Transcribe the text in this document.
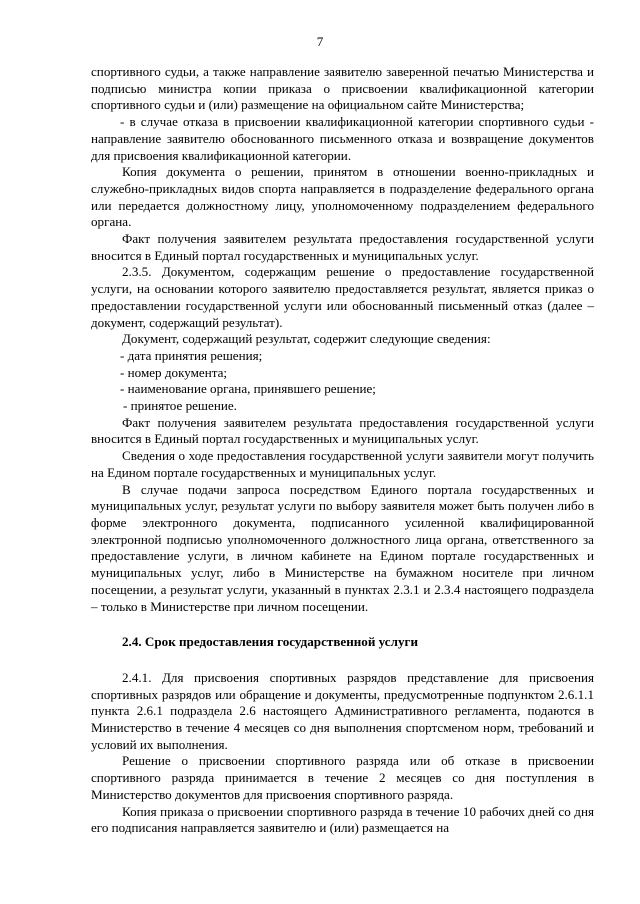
7

спортивного судьи, а также направление заявителю заверенной печатью Министерства и подписью министра копии приказа о присвоении квалификационной категории спортивного судьи и (или) размещение на официальном сайте Министерства;

- в случае отказа в присвоении квалификационной категории спортивного судьи - направление заявителю обоснованного письменного отказа и возвращение документов для присвоения квалификационной категории.

Копия документа о решении, принятом в отношении военно-прикладных и служебно-прикладных видов спорта направляется в подразделение федерального органа или передается должностному лицу, уполномоченному подразделением федерального органа.

Факт получения заявителем результата предоставления государственной услуги вносится в Единый портал государственных и муниципальных услуг.

2.3.5. Документом, содержащим решение о предоставление государственной услуги, на основании которого заявителю предоставляется результат, является приказ о предоставлении государственной услуги или обоснованный письменный отказ (далее – документ, содержащий результат).

Документ, содержащий результат, содержит следующие сведения:

- дата принятия решения;

- номер документа;

- наименование органа, принявшего решение;

- принятое решение.

Факт получения заявителем результата предоставления государственной услуги вносится в Единый портал государственных и муниципальных услуг.

Сведения о ходе предоставления государственной услуги заявители могут получить на Едином портале государственных и муниципальных услуг.

В случае подачи запроса посредством Единого портала государственных и муниципальных услуг, результат услуги по выбору заявителя может быть получен либо в форме электронного документа, подписанного усиленной квалифицированной электронной подписью уполномоченного должностного лица органа, ответственного за предоставление услуги, в личном кабинете на Едином портале государственных и муниципальных услуг, либо в Министерстве на бумажном носителе при личном посещении, а результат услуги, указанный в пунктах 2.3.1 и 2.3.4 настоящего подраздела – только в Министерстве при личном посещении.

2.4. Срок предоставления государственной услуги

2.4.1. Для присвоения спортивных разрядов представление для присвоения спортивных разрядов или обращение и документы, предусмотренные подпунктом 2.6.1.1 пункта 2.6.1 подраздела 2.6 настоящего Административного регламента, подаются в Министерство в течение 4 месяцев со дня выполнения спортсменом норм, требований и условий их выполнения.

Решение о присвоении спортивного разряда или об отказе в присвоении спортивного разряда принимается в течение 2 месяцев со дня поступления в Министерство документов для присвоения спортивного разряда.

Копия приказа о присвоении спортивного разряда в течение 10 рабочих дней со дня его подписания направляется заявителю и (или) размещается на
